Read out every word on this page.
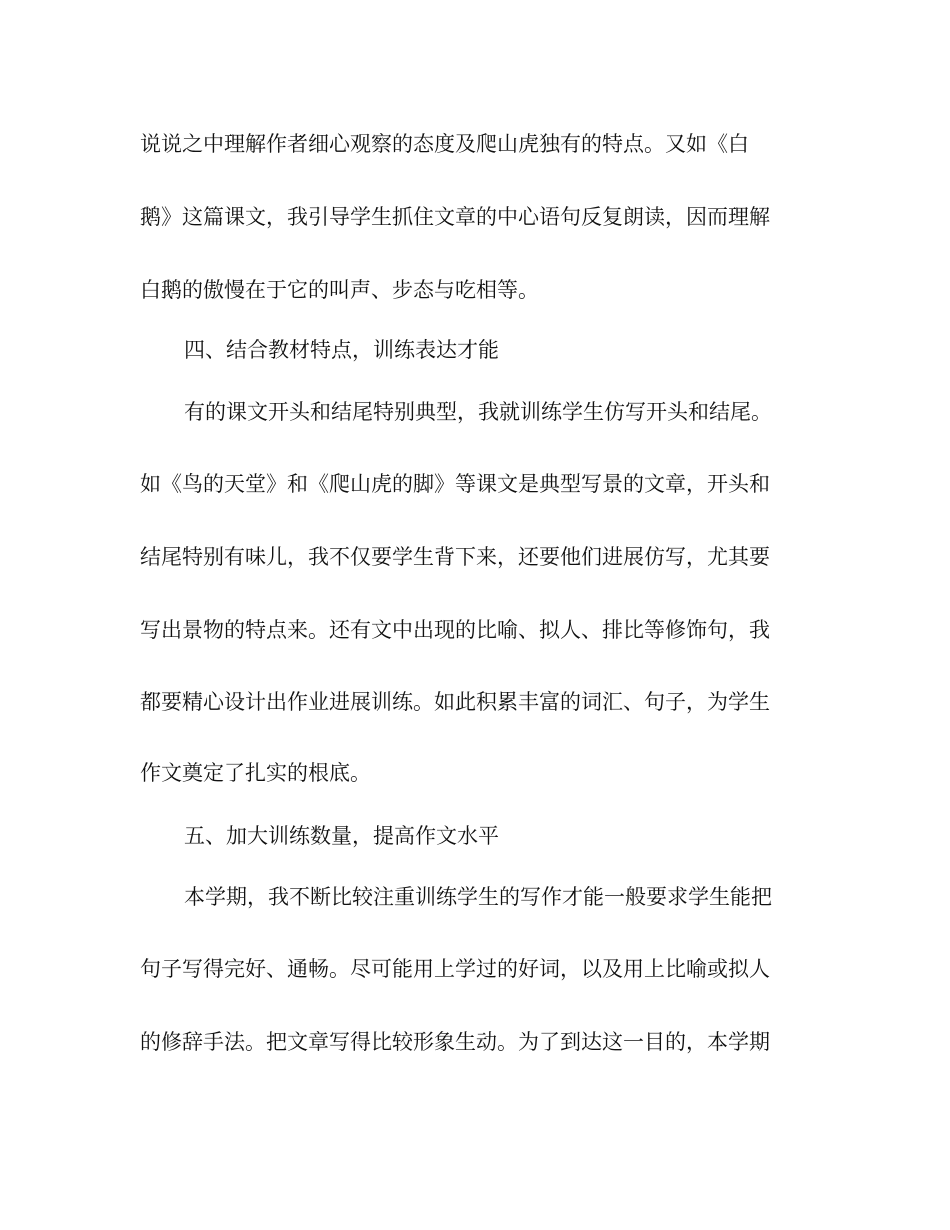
说说之中理解作者细心观察的态度及爬山虎独有的特点。又如《白
鹅》这篇课文，我引导学生抓住文章的中心语句反复朗读，因而理解
白鹅的傲慢在于它的叫声、步态与吃相等。
四、结合教材特点，训练表达才能
有的课文开头和结尾特别典型，我就训练学生仿写开头和结尾。
如《鸟的天堂》和《爬山虎的脚》等课文是典型写景的文章，开头和
结尾特别有味儿，我不仅要学生背下来，还要他们进展仿写，尤其要
写出景物的特点来。还有文中出现的比喻、拟人、排比等修饰句，我
都要精心设计出作业进展训练。如此积累丰富的词汇、句子，为学生
作文奠定了扎实的根底。
五、加大训练数量，提高作文水平
本学期，我不断比较注重训练学生的写作才能一般要求学生能把
句子写得完好、通畅。尽可能用上学过的好词，以及用上比喻或拟人
的修辞手法。把文章写得比较形象生动。为了到达这一目的，本学期
